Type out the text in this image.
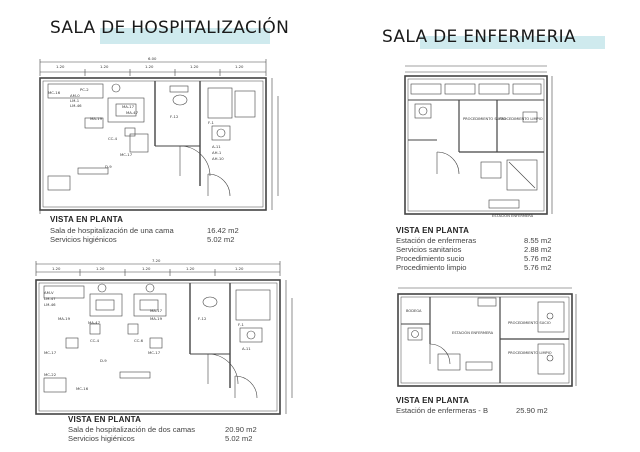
SALA DE HOSPITALIZACIÓN
1.20	1.20	1.20	1.20	1.20
6.00
MC-16
PC-2
AM-0
LM-1
LM-46	MA-17
MA-19
MA-47
CC-4
MC-17
D-9
F-1
F-12
A-11
AH-1
AH-10
VISTA EN PLANTA
Sala de hospitalización de una cama	16.42 m2
Servicios higiénicos	5.02 m2
1.20	1.20	1.20	1.20	1.20
7.20
AM-V
LM-47
LM-46
MA-19
MA-47
CC-4
MC-17
D-9
MC-22
MC-16
MA-17
MA-19
CC-6
MC-17
F-1
F-12
A-11
VISTA EN PLANTA
Sala de hospitalización de dos camas	20.90 m2
Servicios higiénicos	5.02 m2
SALA DE ENFERMERIA
PROCEDIMIENTO SUCIO
PROCEDIMIENTO LIMPIO
ESTACIÓN ENFERMERA
VISTA EN PLANTA
Estación de enfermeras	8.55 m2
Servicios sanitarios	2.88 m2
Procedimiento sucio	5.76 m2
Procedimiento limpio	5.76 m2
BODEGA
ESTACIÓN ENFERMERA
PROCEDIMIENTO SUCIO
PROCEDIMIENTO LIMPIO
VISTA EN PLANTA
Estación de enfermeras - B	25.90 m2
